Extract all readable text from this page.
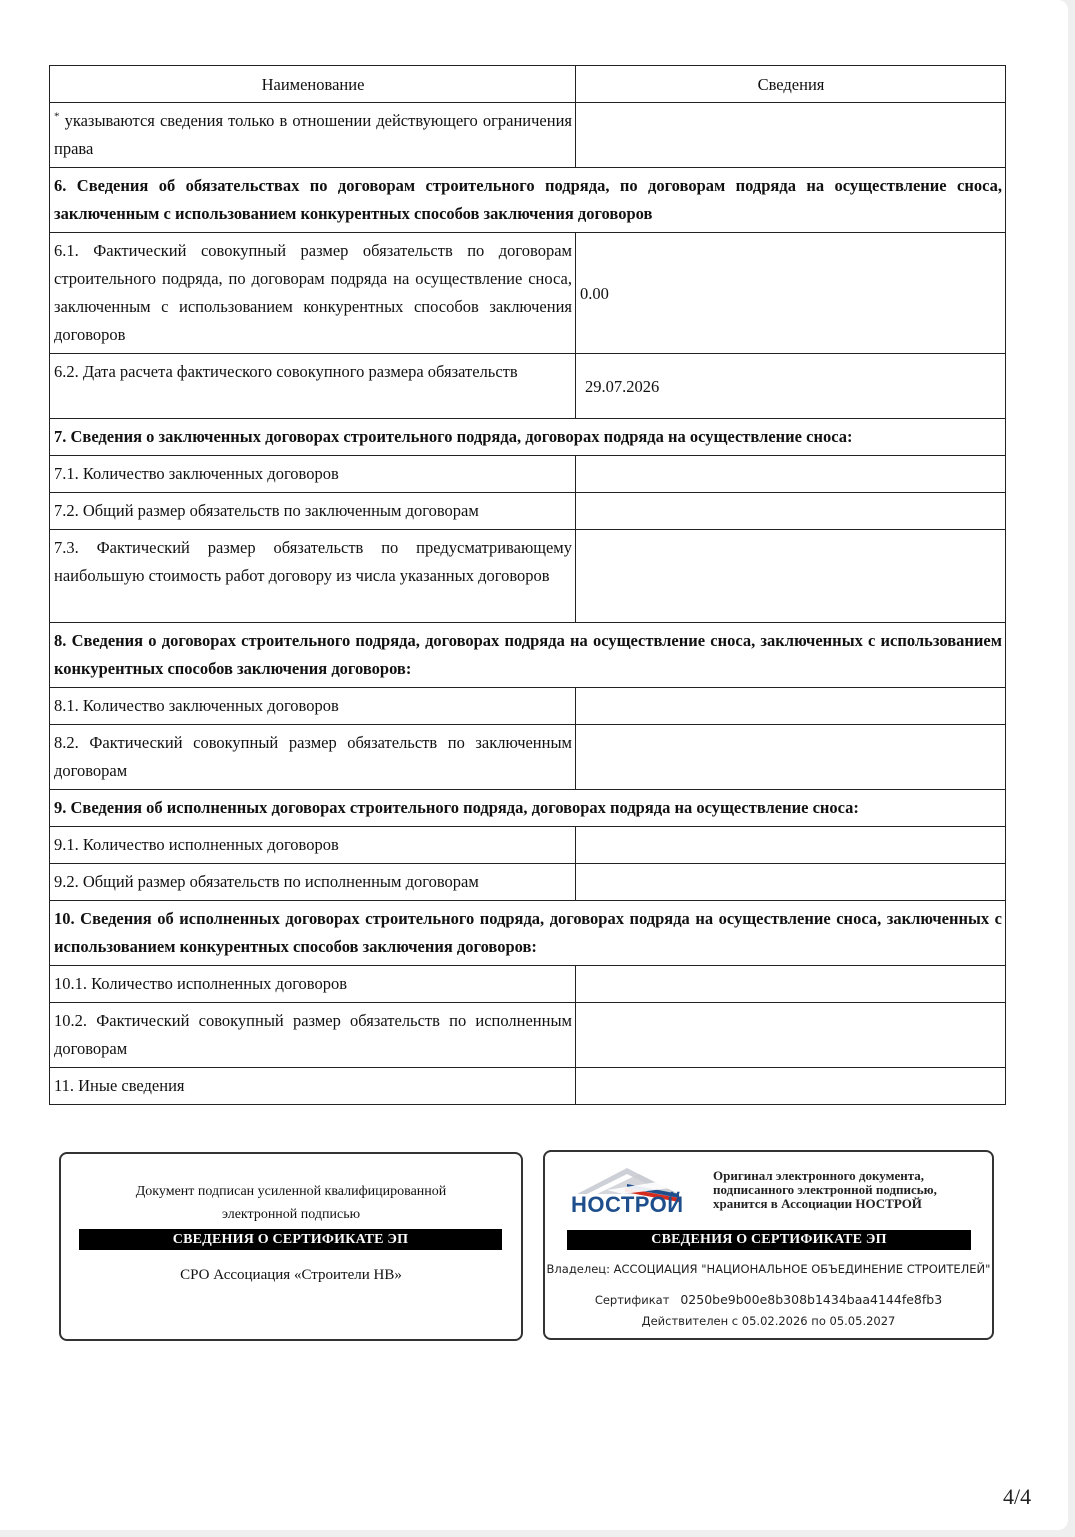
Наименование	Сведения
* указываются сведения только в отношении действующего ограничения права	
6. Сведения об обязательствах по договорам строительного подряда, по договорам подряда на осуществление сноса, заключенным с использованием конкурентных способов заключения договоров	
6.1. Фактический совокупный размер обязательств по договорам строительного подряда, по договорам подряда на осуществление сноса, заключенным с использованием конкурентных способов заключения договоров	0.00
6.2. Дата расчета фактического совокупного размера обязательств	29.07.2026
7. Сведения о заключенных договорах строительного подряда, договорах подряда на осуществление сноса:	
7.1. Количество заключенных договоров	
7.2. Общий размер обязательств по заключенным договорам	
7.3. Фактический размер обязательств по предусматривающему наибольшую стоимость работ договору из числа указанных договоров	
8. Сведения о договорах строительного подряда, договорах подряда на осуществление сноса, заключенных с использованием конкурентных способов заключения договоров:	
8.1. Количество заключенных договоров	
8.2. Фактический совокупный размер обязательств по заключенным договорам	
9. Сведения об исполненных договорах строительного подряда, договорах подряда на осуществление сноса:	
9.1. Количество исполненных договоров	
9.2. Общий размер обязательств по исполненным договорам	
10. Сведения об исполненных договорах строительного подряда, договорах подряда на осуществление сноса, заключенных с использованием конкурентных способов заключения договоров:	
10.1. Количество исполненных договоров	
10.2. Фактический совокупный размер обязательств по исполненным договорам	
11. Иные сведения	
Документ подписан усиленной квалифицированной
электронной подписью
СВЕДЕНИЯ О СЕРТИФИКАТЕ ЭП
СРО Ассоциация «Строители НВ»
НОСТРОЙ
Оригинал электронного документа,
подписанного электронной подписью,
хранится в Ассоциации НОСТРОЙ
СВЕДЕНИЯ О СЕРТИФИКАТЕ ЭП
Владелец: АССОЦИАЦИЯ "НАЦИОНАЛЬНОЕ ОБЪЕДИНЕНИЕ СТРОИТЕЛЕЙ"
Сертификат 0250be9b00e8b308b1434baa4144fe8fb3
Действителен с 05.02.2026 по 05.05.2027
4/4
